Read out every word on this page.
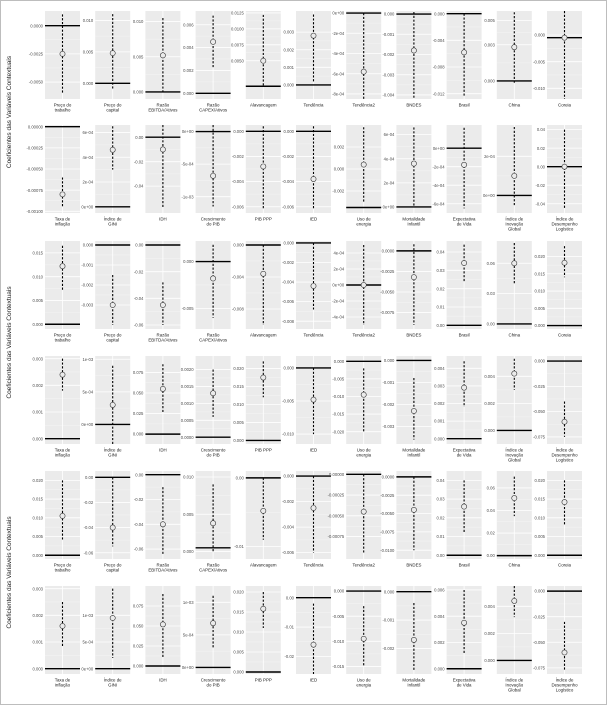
Coeficientes das Variáveis Contextuais
Coeficientes das Variáveis Contextuais
Coeficientes das Variáveis Contextuais
0.0000
-0.0025
-0.0050
Preço do trabalho
0.010
0.005
0.000
Preço do capital
0.010
0.005
0.000
Razão EBITDA/Ativos
0.006
0.004
0.002
0.000
Razão CAPEX/Ativos
0.0125
0.0100
0.0075
0.0050
Alavancagem
0.003
0.002
0.001
0.000
Tendência
0e+00
-2e-04
-4e-04
-6e-04
-8e-04
Tendência2
0.000
-0.001
-0.002
-0.003
-0.004
BNDES
0.000
-0.004
-0.008
-0.012
Brasil
0.005
0.003
0.000
China
0.000
-0.005
-0.010
Coreia
0.00000
-0.00025
-0.00050
-0.00075
-0.00100
Taxa de inflação
6e-04
4e-04
2e-04
0e+00
Índice de GINI
0.00
-0.02
-0.04
IDH
0e+00
-5e-04
-1e-03
Crescimento do PIB
0.000
-0.002
-0.004
-0.006
PIB PPP
0.000
-0.002
-0.004
-0.006
IED
0.002
0.000
-0.002
Uso de energia
6e-04
4e-04
2e-04
0e+00
Mortalidade Infantil
0e+00
-2e-04
-4e-04
-6e-04
Expectativa de Vida
2e-04
0e+00
Índice de Inovação Global
0.04
0.02
0.00
-0.02
-0.04
Índice de Desempenho Logístico
0.015
0.010
0.005
0.000
Preço do trabalho
0.000
-0.001
-0.002
-0.003
Preço do capital
0.00
-0.02
-0.04
-0.06
Razão EBITDA/Ativos
0.000
-0.005
Razão CAPEX/Ativos
0.000
-0.004
-0.008
Alavancagem
0.000
-0.002
-0.004
-0.006
-0.008
Tendência
4e-04
2e-04
0e+00
-2e-04
-4e-04
Tendência2
0.0000
-0.0025
-0.0050
-0.0075
BNDES
0.04
0.03
0.02
0.01
0.00
Brasil
0.06
0.03
0.00
China
0.020
0.015
0.010
0.005
0.000
Coreia
0.003
0.002
0.001
0.000
Taxa de inflação
1e-03
5e-04
0e+00
Índice de GINI
0.075
0.050
0.025
0.000
IDH
0.0020
0.0015
0.0010
0.0005
0.0000
Crescimento do PIB
0.020
0.015
0.010
0.005
0.000
PIB PPP
0.000
-0.005
-0.010
IED
0.000
-0.005
-0.010
-0.015
-0.020
Uso de energia
0.000
-0.001
-0.002
-0.003
Mortalidade Infantil
0.004
0.003
0.002
0.001
0.000
Expectativa de Vida
0.004
0.002
0.000
Índice de Inovação Global
0.000
-0.025
-0.050
-0.075
Índice de Desempenho Logístico
0.020
0.015
0.010
0.005
0.000
Preço do trabalho
0.00
-0.02
-0.04
-0.06
Preço do capital
0.00
-0.02
-0.04
-0.06
Razão EBITDA/Ativos
0.010
0.005
0.000
Razão CAPEX/Ativos
0.00
-0.01
Alavancagem
0.000
-0.002
-0.004
-0.006
Tendência
0.00000
-0.00025
-0.00050
-0.00075
Tendência2
0.0000
-0.0025
-0.0050
-0.0075
-0.0100
BNDES
0.04
0.03
0.02
0.01
0.00
Brasil
0.06
0.04
0.02
0.00
China
0.020
0.015
0.010
0.005
0.000
Coreia
0.003
0.002
0.001
0.000
Taxa de inflação
1e-03
5e-04
0e+00
Índice de GINI
0.075
0.050
0.025
0.000
IDH
1e-03
5e-04
0e+00
Crescimento do PIB
0.020
0.015
0.010
0.005
0.000
PIB PPP
0.00
-0.01
-0.02
IED
0.000
-0.005
-0.010
-0.015
Uso de energia
0.000
-0.001
-0.002
Mortalidade Infantil
0.006
0.004
0.002
0.000
Expectativa de Vida
0.004
0.002
0.000
Índice de Inovação Global
0.000
-0.025
-0.050
-0.075
Índice de Desempenho Logístico
